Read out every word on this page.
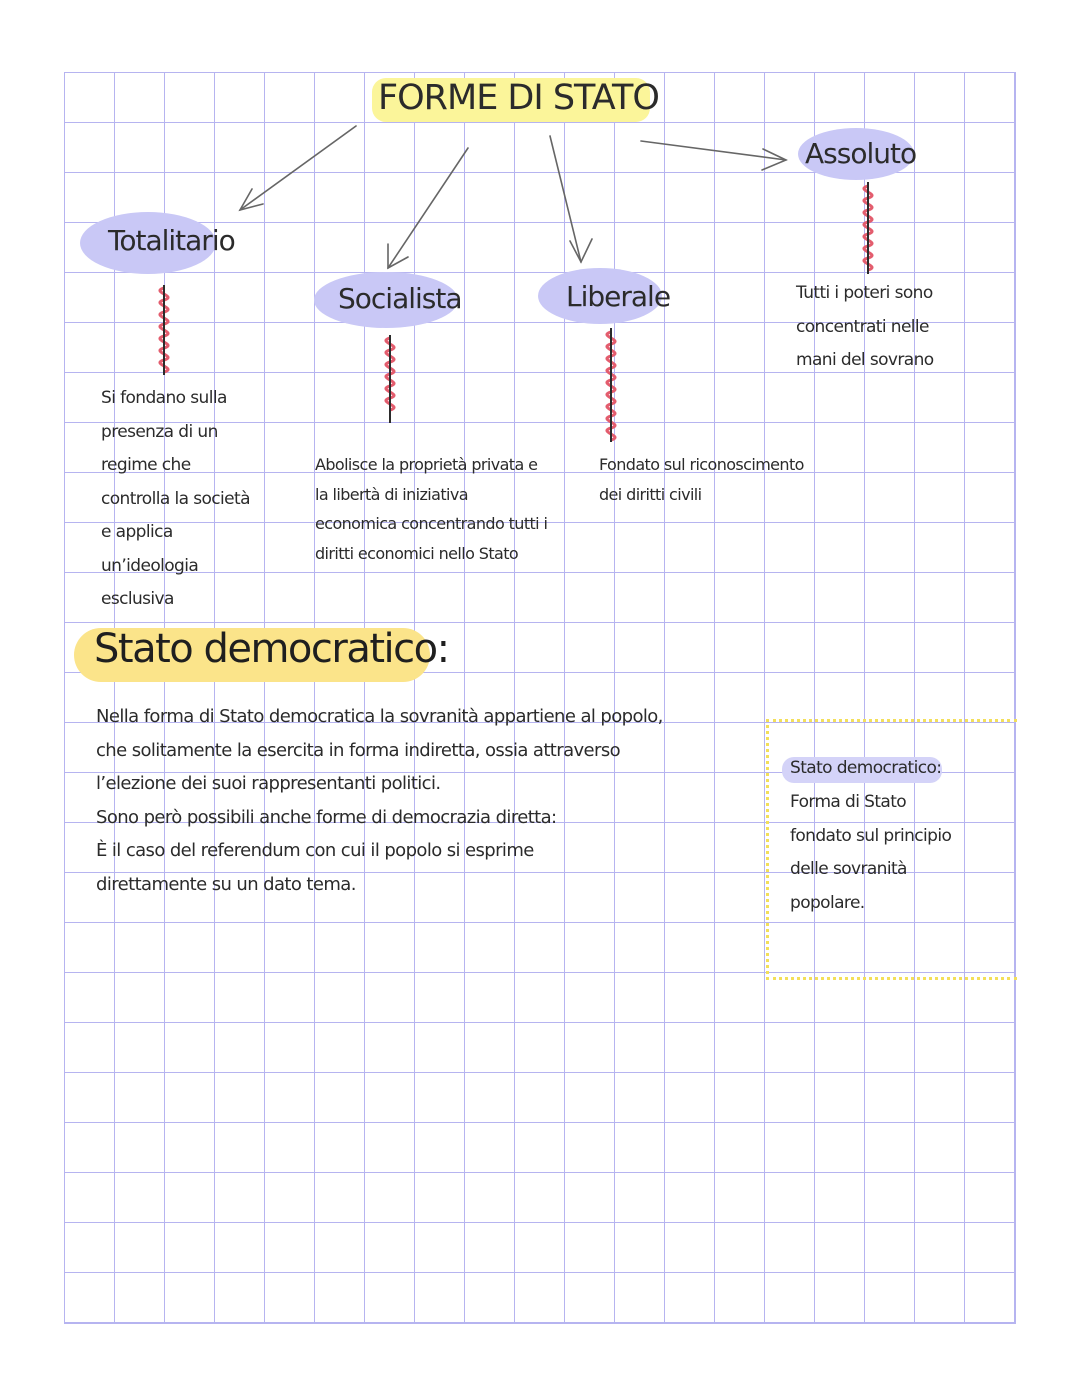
FORME DI STATO
Totalitario
Si fondano sulla presenza di un regime che controlla la società e applica un’ideologia esclusiva
Socialista
Abolisce la proprietà privata e la libertà di iniziativa economica concentrando tutti i diritti economici nello Stato
Liberale
Fondato sul riconoscimento dei diritti civili
Assoluto
Tutti i poteri sono concentrati nelle mani del sovrano
Stato democratico:
Nella forma di Stato democratica la sovranità appartiene al popolo,
che solitamente la esercita in forma indiretta, ossia attraverso
l’elezione dei suoi rappresentanti politici.
Sono però possibili anche forme di democrazia diretta:
È il caso del referendum con cui il popolo si esprime
direttamente su un dato tema.
Stato democratico:
Forma di Stato fondato sul principio delle sovranità popolare.
